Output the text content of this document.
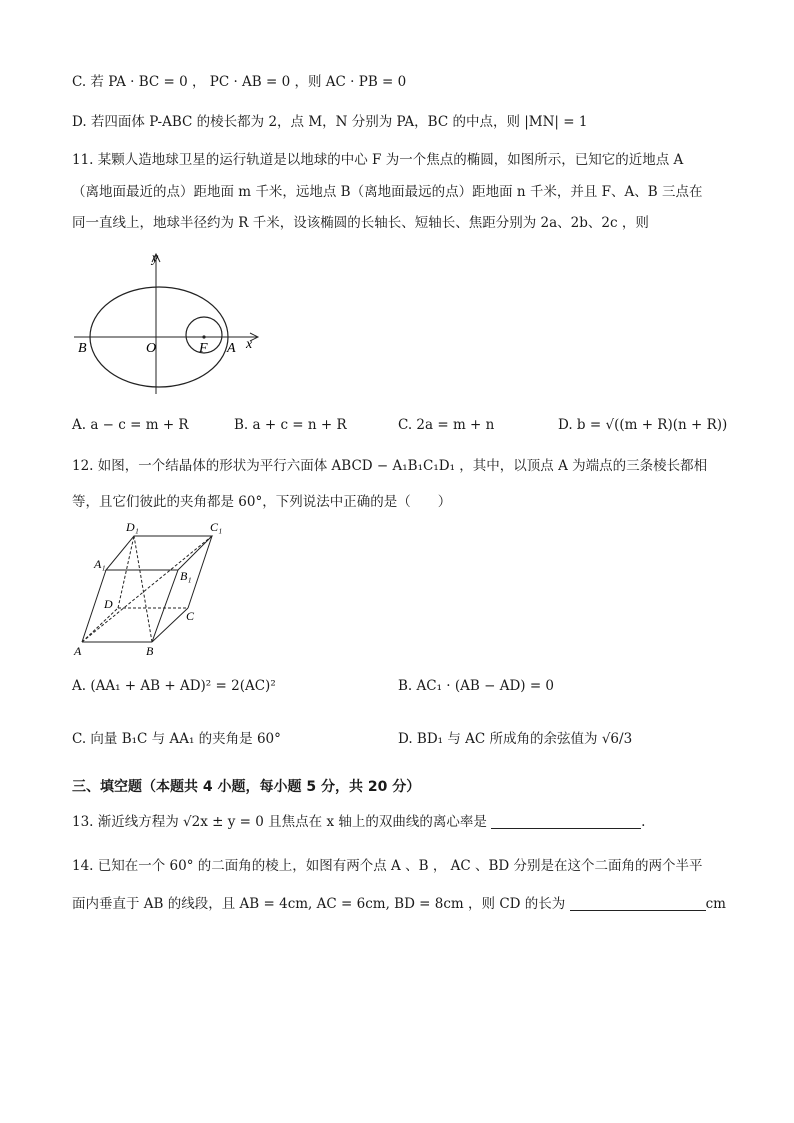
C. 若 PA · BC = 0 ， PC · AB = 0 ，则 AC · PB = 0
D. 若四面体 P-ABC 的棱长都为 2，点 M，N 分别为 PA，BC 的中点，则 |MN| = 1
11. 某颗人造地球卫星的运行轨道是以地球的中心 F 为一个焦点的椭圆，如图所示，已知它的近地点 A
（离地面最近的点）距地面 m 千米，远地点 B（离地面最远的点）距地面 n 千米，并且 F、A、B 三点在
同一直线上，地球半径约为 R 千米，设该椭圆的长轴长、短轴长、焦距分别为 2a、2b、2c ，则
y
x
B	O	F A
A. a − c = m + R	B. a + c = n + R	C. 2a = m + n	D. b = √((m + R)(n + R))
12. 如图，一个结晶体的形状为平行六面体 ABCD − A₁B₁C₁D₁ ，其中，以顶点 A 为端点的三条棱长都相
等，且它们彼此的夹角都是 60°，下列说法中正确的是（　　）
D₁	C₁
A₁
B₁
D
C
A	B
A. (AA₁ + AB + AD)² = 2(AC)²	B. AC₁ · (AB − AD) = 0
C. 向量 B₁C 与 AA₁ 的夹角是 60°	D. BD₁ 与 AC 所成角的余弦值为 √6/3
三、填空题（本题共 4 小题，每小题 5 分，共 20 分）
13. 渐近线方程为 √2x ± y = 0 且焦点在 x 轴上的双曲线的离心率是	.
14. 已知在一个 60° 的二面角的棱上，如图有两个点 A 、B ， AC 、BD 分别是在这个二面角的两个半平
面内垂直于 AB 的线段，且 AB = 4cm, AC = 6cm, BD = 8cm ，则 CD 的长为	cm
